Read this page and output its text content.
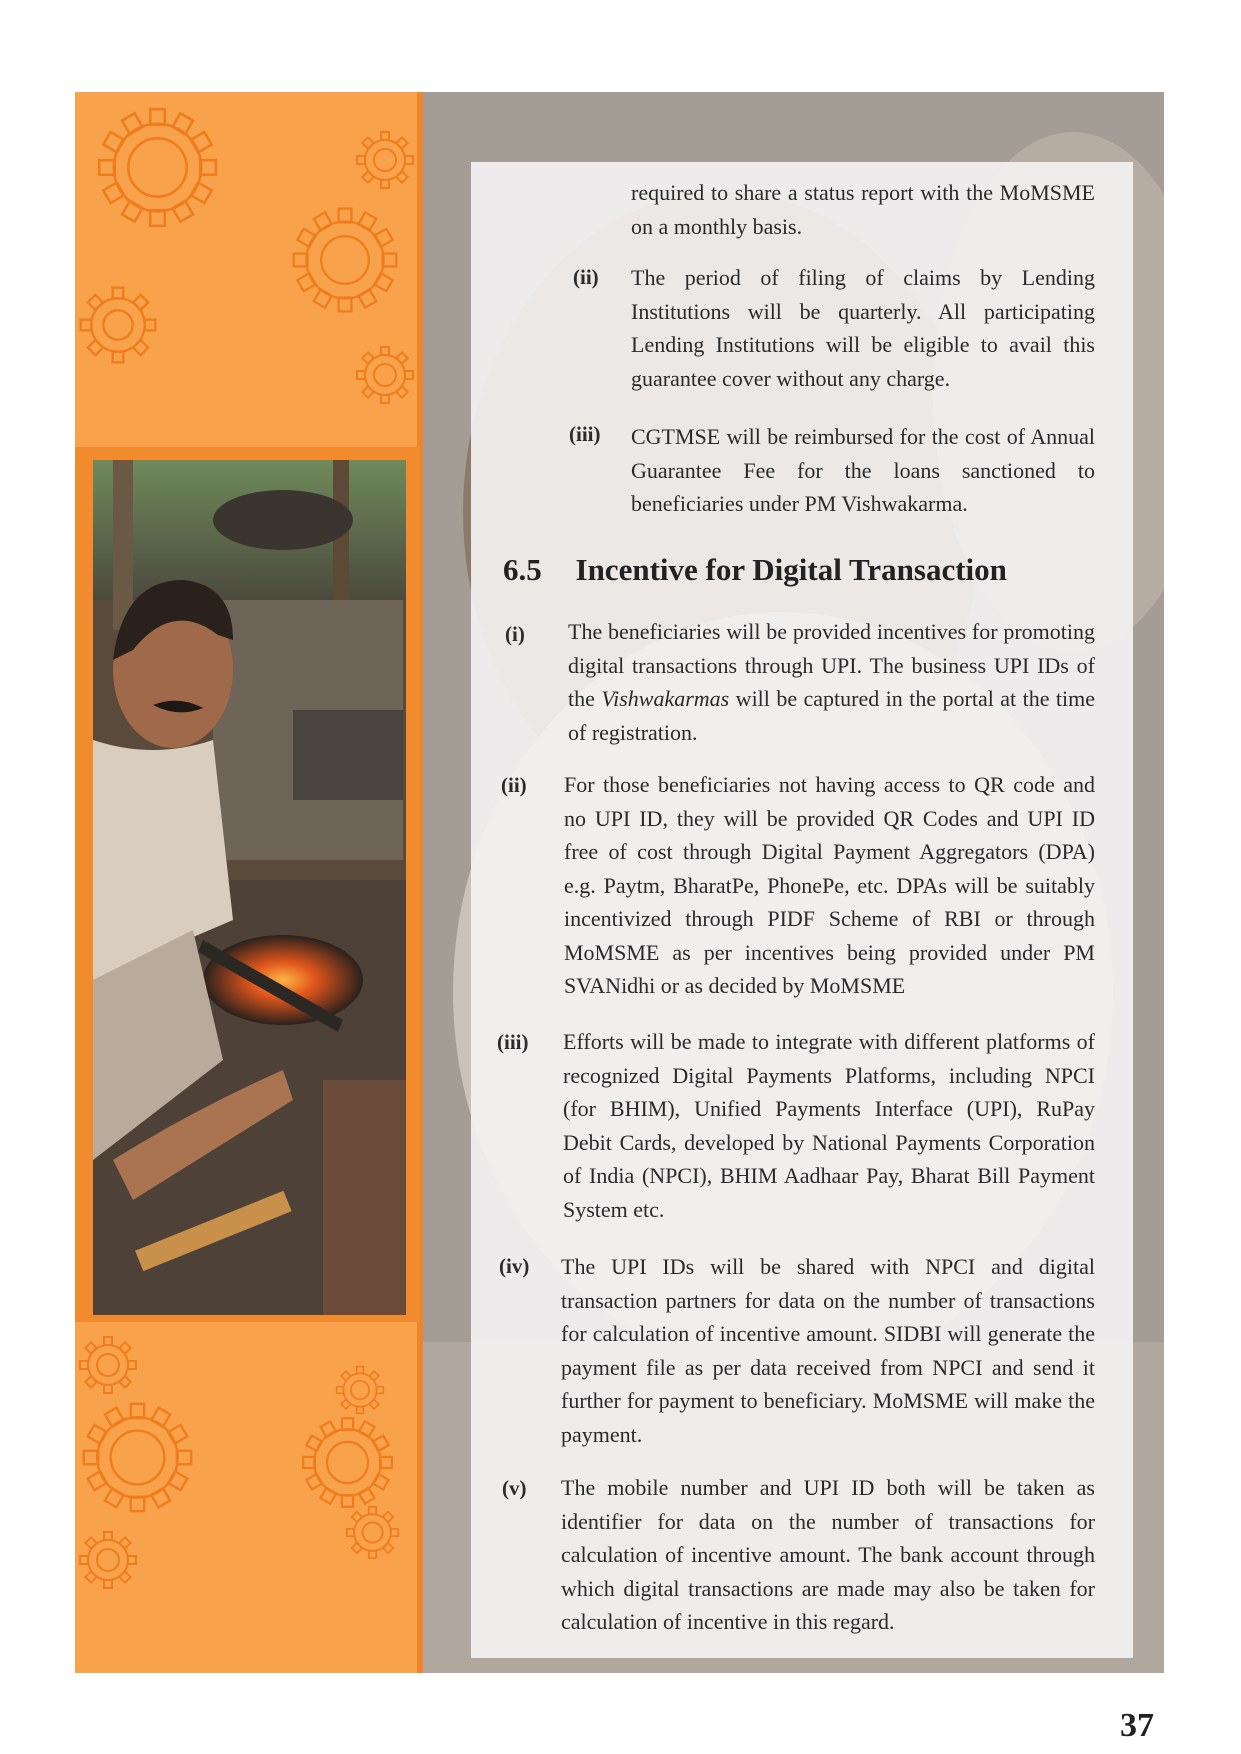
required to share a status report with the MoMSME on a monthly basis.
(ii) The period of filing of claims by Lending Institutions will be quarterly. All participating Lending Institutions will be eligible to avail this guarantee cover without any charge.
(iii) CGTMSE will be reimbursed for the cost of Annual Guarantee Fee for the loans sanctioned to beneficiaries under PM Vishwakarma.
6.5 Incentive for Digital Transaction
(i) The beneficiaries will be provided incentives for promoting digital transactions through UPI. The business UPI IDs of the Vishwakarmas will be captured in the portal at the time of registration.
(ii) For those beneficiaries not having access to QR code and no UPI ID, they will be provided QR Codes and UPI ID free of cost through Digital Payment Aggregators (DPA) e.g. Paytm, BharatPe, PhonePe, etc. DPAs will be suitably incentivized through PIDF Scheme of RBI or through MoMSME as per incentives being provided under PM SVANidhi or as decided by MoMSME
(iii) Efforts will be made to integrate with different platforms of recognized Digital Payments Platforms, including NPCI (for BHIM), Unified Payments Interface (UPI), RuPay Debit Cards, developed by National Payments Corporation of India (NPCI), BHIM Aadhaar Pay, Bharat Bill Payment System etc.
(iv) The UPI IDs will be shared with NPCI and digital transaction partners for data on the number of transactions for calculation of incentive amount. SIDBI will generate the payment file as per data received from NPCI and send it further for payment to beneficiary. MoMSME will make the payment.
(v) The mobile number and UPI ID both will be taken as identifier for data on the number of transactions for calculation of incentive amount. The bank account through which digital transactions are made may also be taken for calculation of incentive in this regard.
37
